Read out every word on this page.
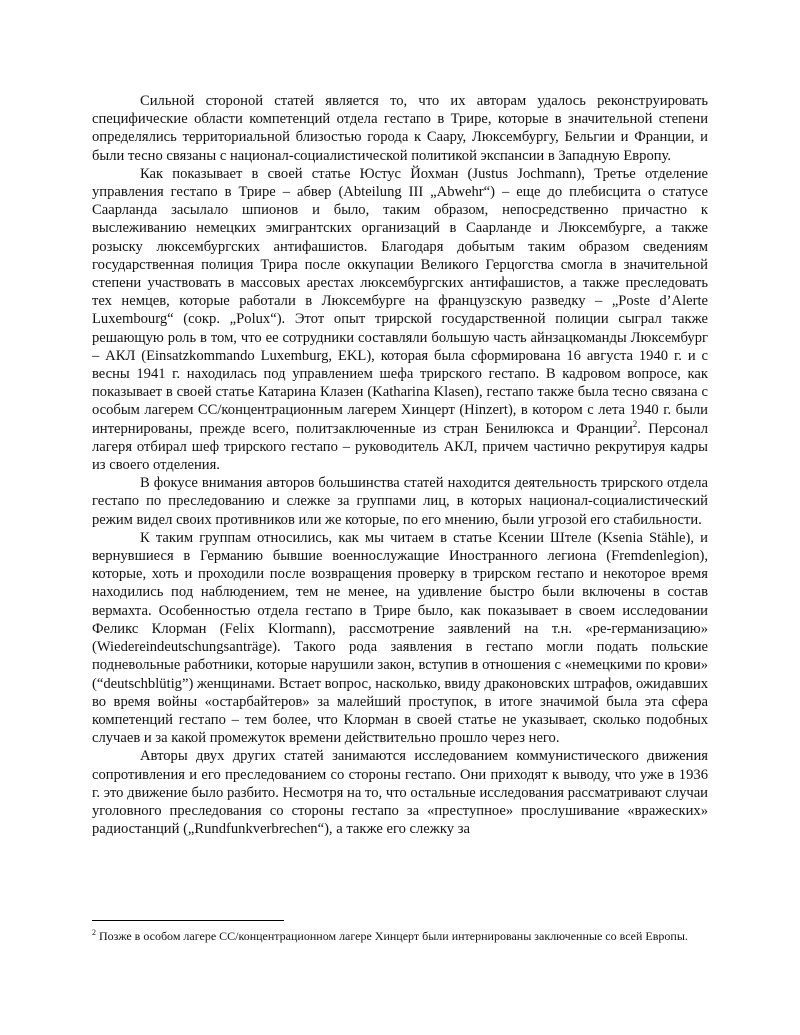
Сильной стороной статей является то, что их авторам удалось реконструировать специфические области компетенций отдела гестапо в Трире, которые в значительной степени определялись территориальной близостью города к Саару, Люксембургу, Бельгии и Франции, и были тесно связаны с национал-социалистической политикой экспансии в Западную Европу.

Как показывает в своей статье Юстус Йохман (Justus Jochmann), Третье отделение управления гестапо в Трире – абвер (Abteilung III „Abwehr“) – еще до плебисцита о статусе Саарланда засылало шпионов и было, таким образом, непосредственно причастно к выслеживанию немецких эмигрантских организаций в Саарланде и Люксембурге, а также розыску люксембургских антифашистов. Благодаря добытым таким образом сведениям государственная полиция Трира после оккупации Великого Герцогства смогла в значительной степени участвовать в массовых арестах люксембургских антифашистов, а также преследовать тех немцев, которые работали в Люксембурге на французскую разведку – „Poste d’Alerte Luxembourg“ (сокр. „Polux“). Этот опыт трирской государственной полиции сыграл также решающую роль в том, что ее сотрудники составляли большую часть айнзацкоманды Люксембург – АКЛ (Einsatzkommando Luxemburg, EKL), которая была сформирована 16 августа 1940 г. и с весны 1941 г. находилась под управлением шефа трирского гестапо. В кадровом вопросе, как показывает в своей статье Катарина Клазен (Katharina Klasen), гестапо также была тесно связана с особым лагерем СС/концентрационным лагерем Хинцерт (Hinzert), в котором с лета 1940 г. были интернированы, прежде всего, политзаключенные из стран Бенилюкса и Франции$^2$. Персонал лагеря отбирал шеф трирского гестапо – руководитель АКЛ, причем частично рекрутируя кадры из своего отделения.

В фокусе внимания авторов большинства статей находится деятельность трирского отдела гестапо по преследованию и слежке за группами лиц, в которых национал-социалистический режим видел своих противников или же которые, по его мнению, были угрозой его стабильности.

К таким группам относились, как мы читаем в статье Ксении Штеле (Ksenia Stähle), и вернувшиеся в Германию бывшие военнослужащие Иностранного легиона (Fremdenlegion), которые, хоть и проходили после возвращения проверку в трирском гестапо и некоторое время находились под наблюдением, тем не менее, на удивление быстро были включены в состав вермахта. Особенностью отдела гестапо в Трире было, как показывает в своем исследовании Феликс Клорман (Felix Klormann), рассмотрение заявлений на т.н. «ре-германизацию» (Wiedereindeutschungsanträge). Такого рода заявления в гестапо могли подать польские подневольные работники, которые нарушили закон, вступив в отношения с «немецкими по крови» (“deutschblütig”) женщинами. Встает вопрос, насколько, ввиду драконовских штрафов, ожидавших во время войны «остарбайтеров» за малейший проступок, в итоге значимой была эта сфера компетенций гестапо – тем более, что Клорман в своей статье не указывает, сколько подобных случаев и за какой промежуток времени действительно прошло через него.

Авторы двух других статей занимаются исследованием коммунистического движения сопротивления и его преследованием со стороны гестапо. Они приходят к выводу, что уже в 1936 г. это движение было разбито. Несмотря на то, что остальные исследования рассматривают случаи уголовного преследования со стороны гестапо за «преступное» прослушивание «вражеских» радиостанций („Rundfunkverbrechen“), а также его слежку за

$^2$ Позже в особом лагере СС/концентрационном лагере Хинцерт были интернированы заключенные со всей Европы.
